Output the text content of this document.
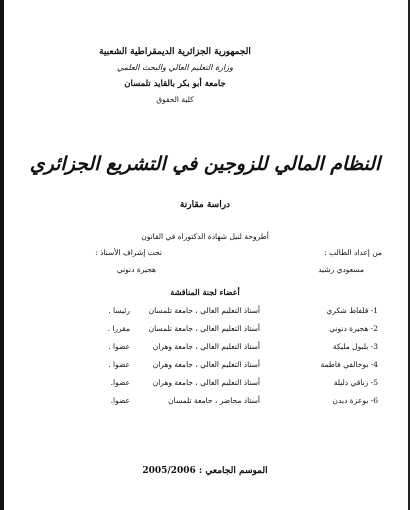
الجمهورية الجزائرية الديمقراطية الشعبية
وزارة التعليم العالي والبحث العلمي
جامعة أبو بكر بالقايد تلمسان
كلية الحقوق
النظام المالي للزوجين في التشريع الجزائري
دراسة مقارنة
أطروحة لنيل شهادة الدكتوراه في القانون
من إعداد الطالب :
مسعودي رشيد
تحت إشراف الأستاذ :
هجيرة دنوني
أعضاء لجنة المناقشة
1- قلفاط شكري
أستاذ التعليم العالي ، جامعة تلمسان
رئيسا .
2- هجيرة دنوني
أستاذ التعليم العالي ، جامعة تلمسان
مقررا .
3- بلبول مليكة
أستاذ التعليم العالي ، جامعة وهران
عضوا .
4- بوخالفي فاطمة
أستاذ التعليم العالي ، جامعة وهران
عضوا .
5- زناقي دليلة
أستاذ التعليم العالي ، جامعة وهران
عضوا.
6- بوعزة ديدن
أستاذ محاضر ، جامعة تلمسان
عضوا.
الموسم الجامعي : 2005/2006
